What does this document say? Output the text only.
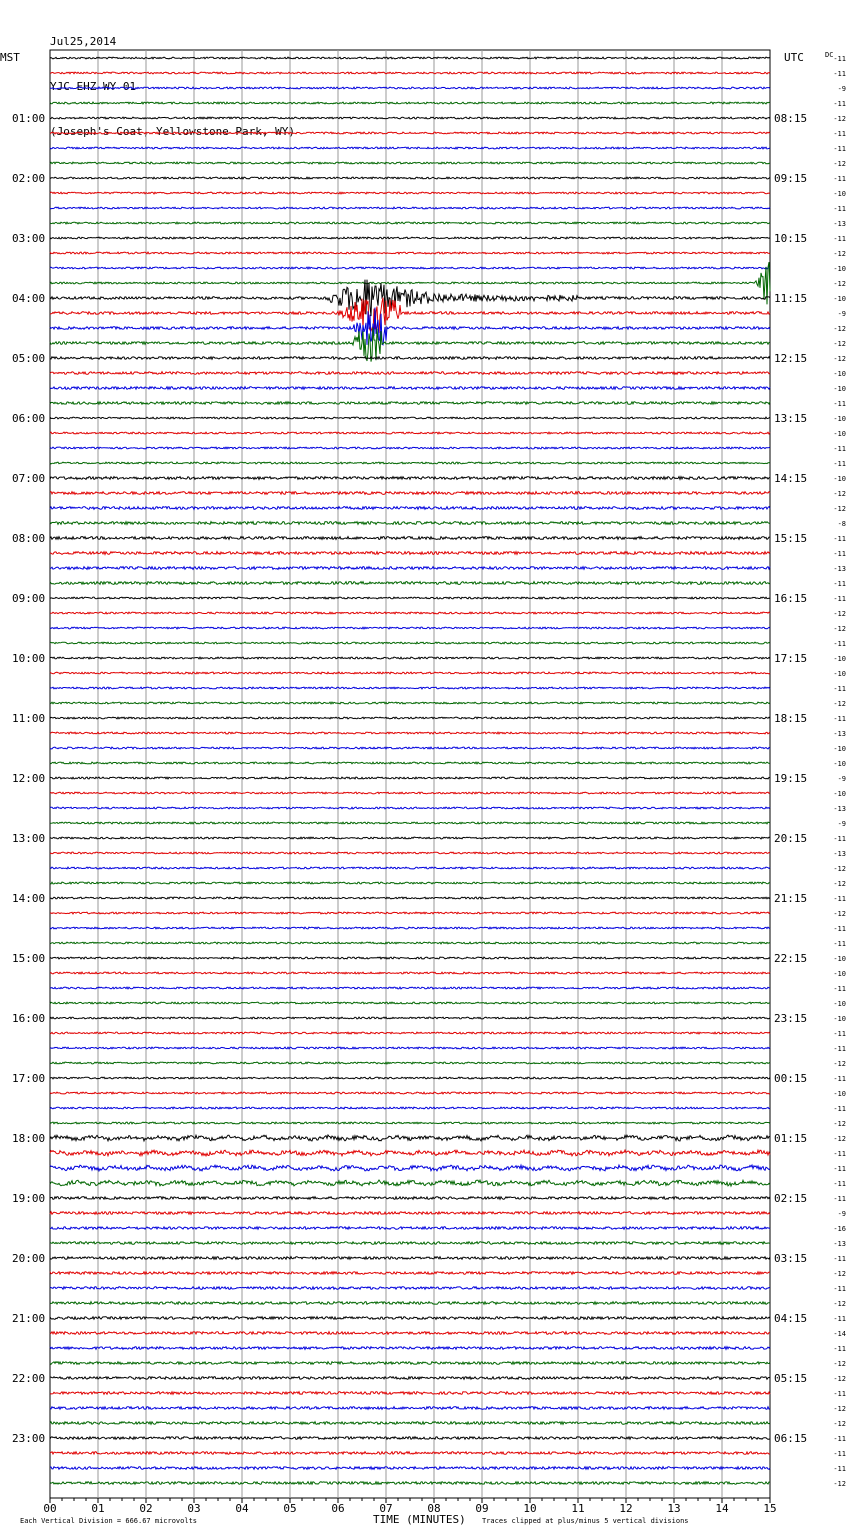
Jul25,2014

YJC EHZ WY 01

(Joseph's Coat, Yellowstone Park, WY)

MST	UTC	DC
TIME (MINUTES)
Each Vertical Division = 666.67 microvolts	Traces clipped at plus/minus 5 vertical divisions
00	01	02	03	04	05	06	07	08	09	10	11	12	13	14	15
01:00	08:15
02:00	09:15
03:00	10:15
04:00	11:15
05:00	12:15
06:00	13:15
07:00	14:15
08:00	15:15
09:00	16:15
10:00	17:15
11:00	18:15
12:00	19:15
13:00	20:15
14:00	21:15
15:00	22:15
16:00	23:15
17:00	00:15
18:00	01:15
19:00	02:15
20:00	03:15
21:00	04:15
22:00	05:15
23:00	06:15
-11
-11
-9
-11
-12
-11
-11
-12
-11
-10
-11
-13
-11
-12
-10
-12
-10
-9
-12
-12
-12
-10
-10
-11
-10
-10
-11
-11
-10
-12
-12
-8
-11
-11
-13
-11
-11
-12
-12
-11
-10
-10
-11
-12
-11
-13
-10
-10
-9
-10
-13
-9
-11
-13
-12
-12
-11
-12
-11
-11
-10
-10
-11
-10
-10
-11
-11
-12
-11
-10
-11
-12
-12
-11
-11
-11
-11
-9
-16
-13
-11
-12
-11
-12
-11
-14
-11
-12
-12
-11
-12
-12
-11
-11
-11
-12
